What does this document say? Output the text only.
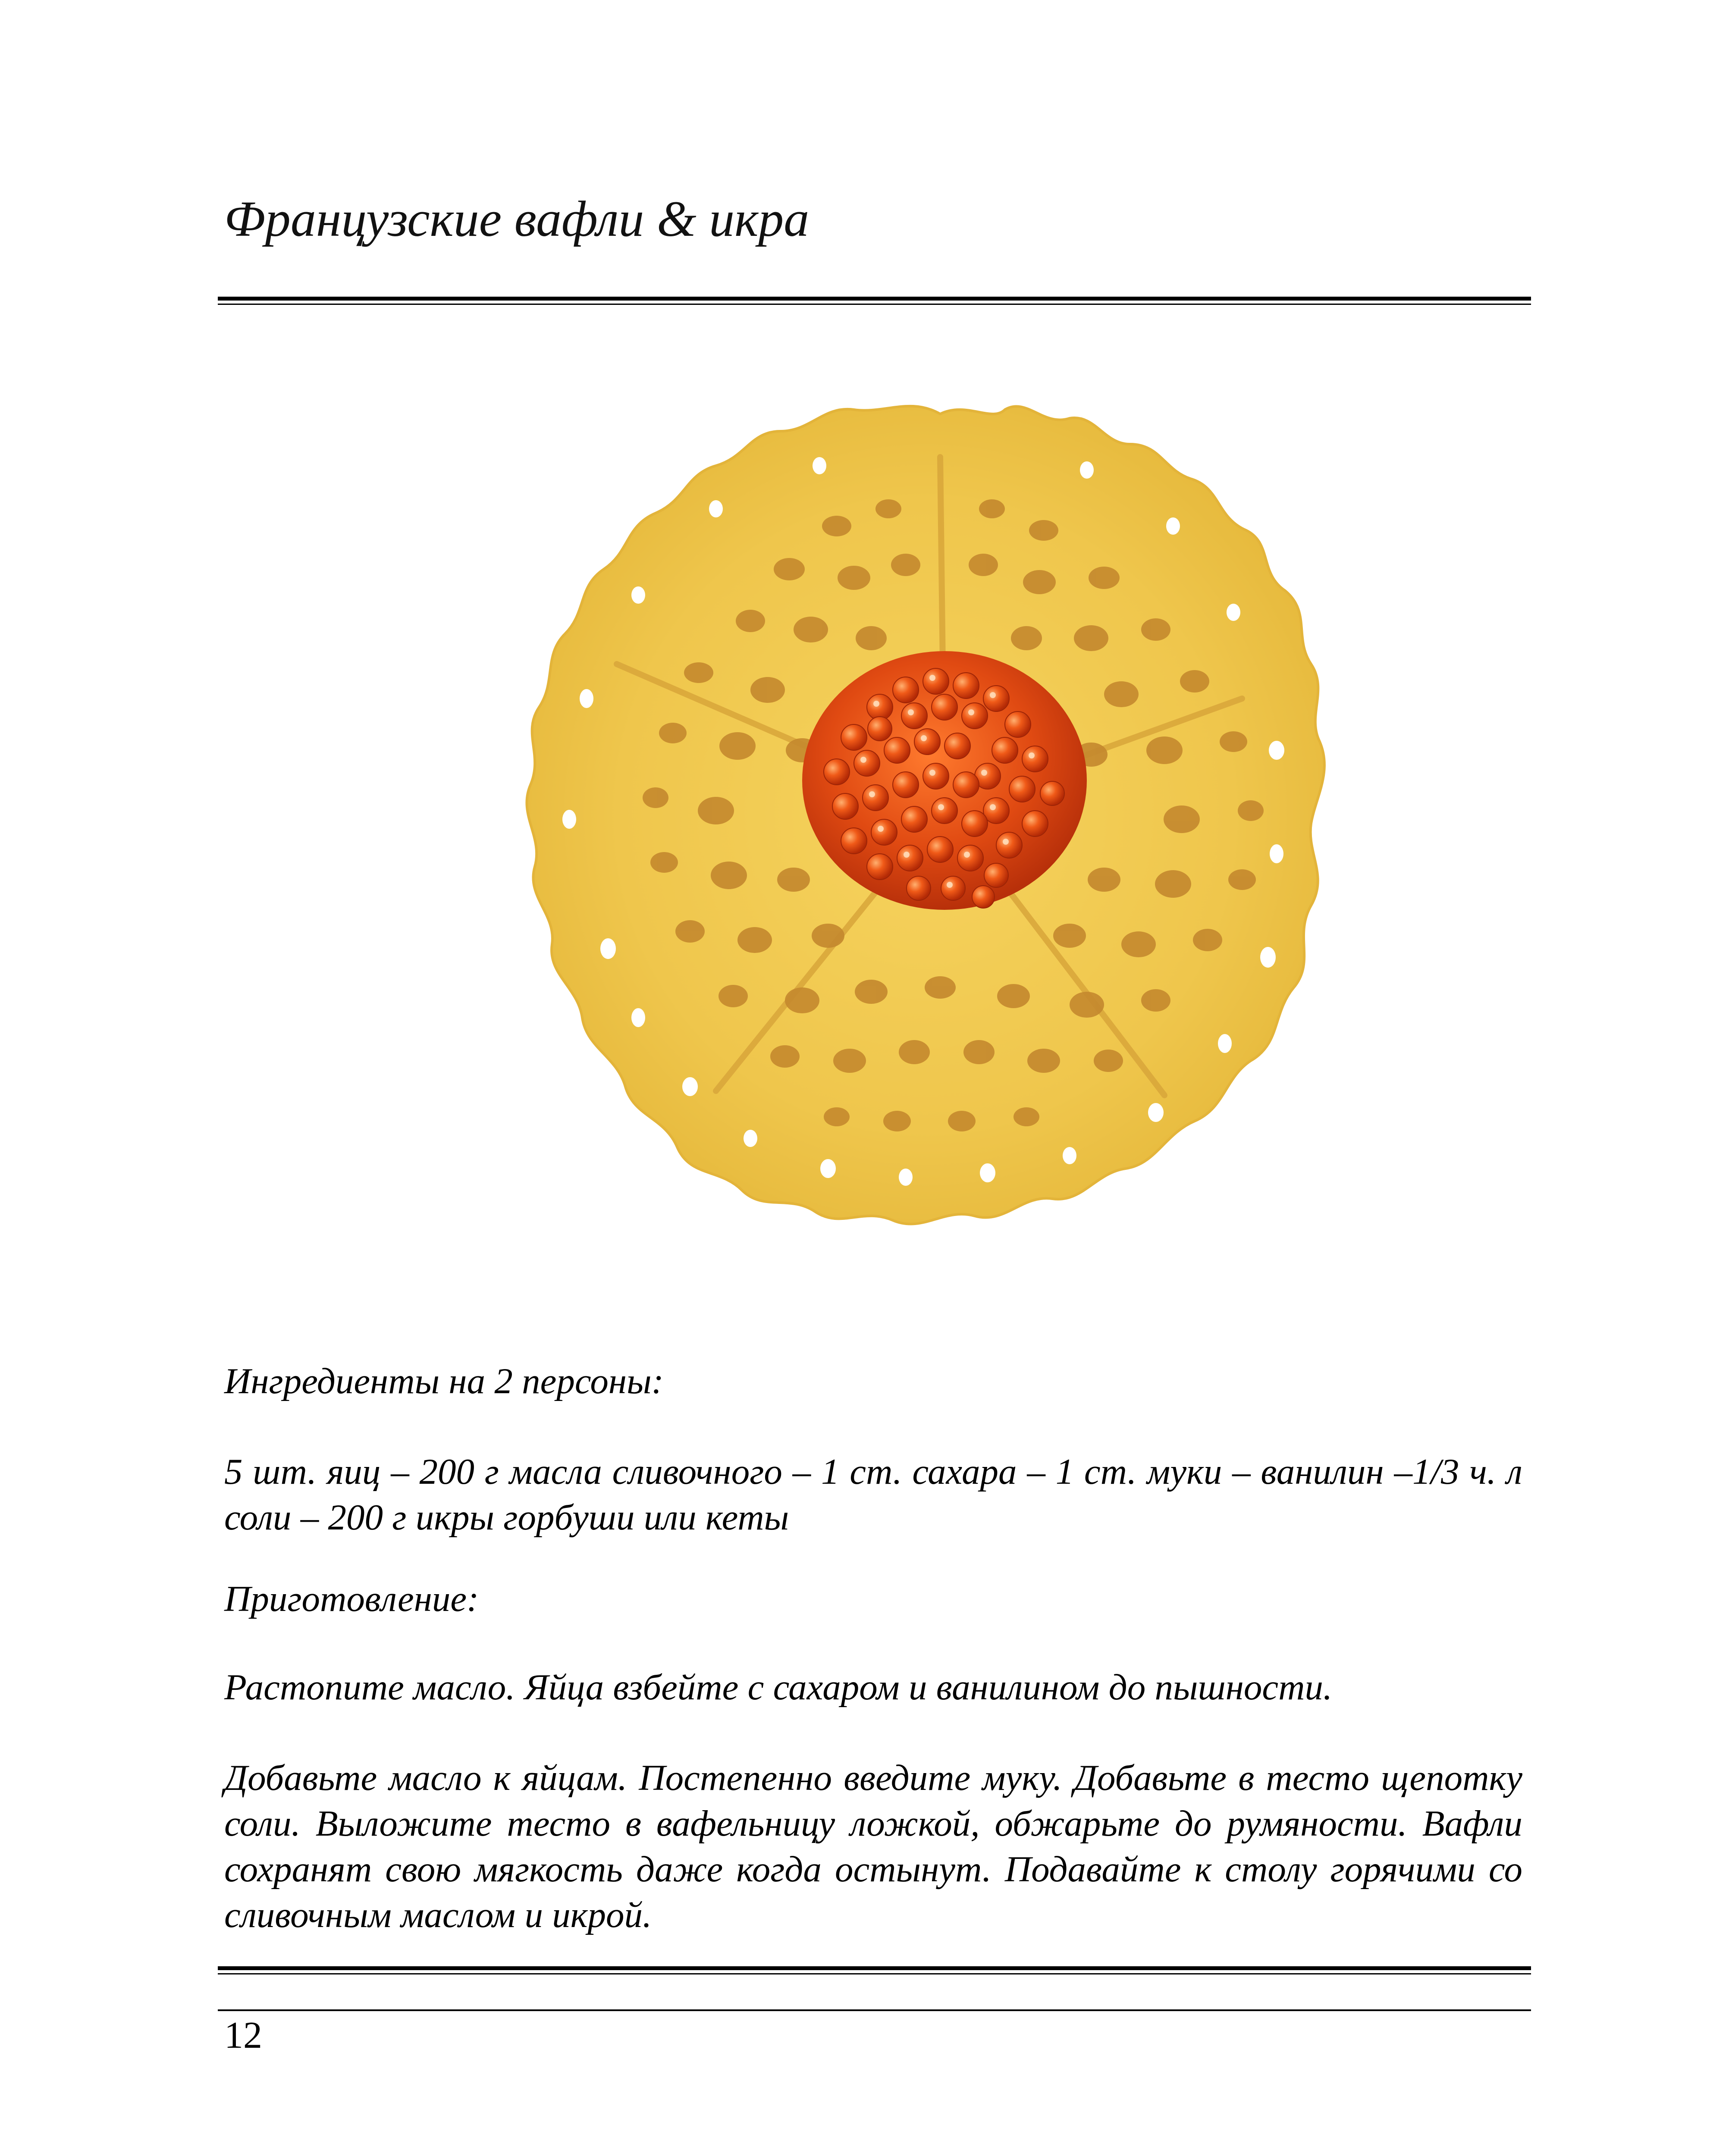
Французские вафли & икра

Ингредиенты на 2 персоны:

5 шт. яиц – 200 г масла сливочного – 1 ст. сахара – 1 ст. муки – ванилин –1/3 ч. л соли – 200 г икры горбуши или кеты

Приготовление:

Растопите масло. Яйца взбейте с сахаром и ванилином до пышности.

Добавьте масло к яйцам. Постепенно введите муку. Добавьте в тесто щепотку соли. Выложите тесто в вафельницу ложкой, обжарьте до румяности. Вафли сохранят свою мягкость даже когда остынут. Подавайте к столу горячими со сливочным маслом и икрой.

12
